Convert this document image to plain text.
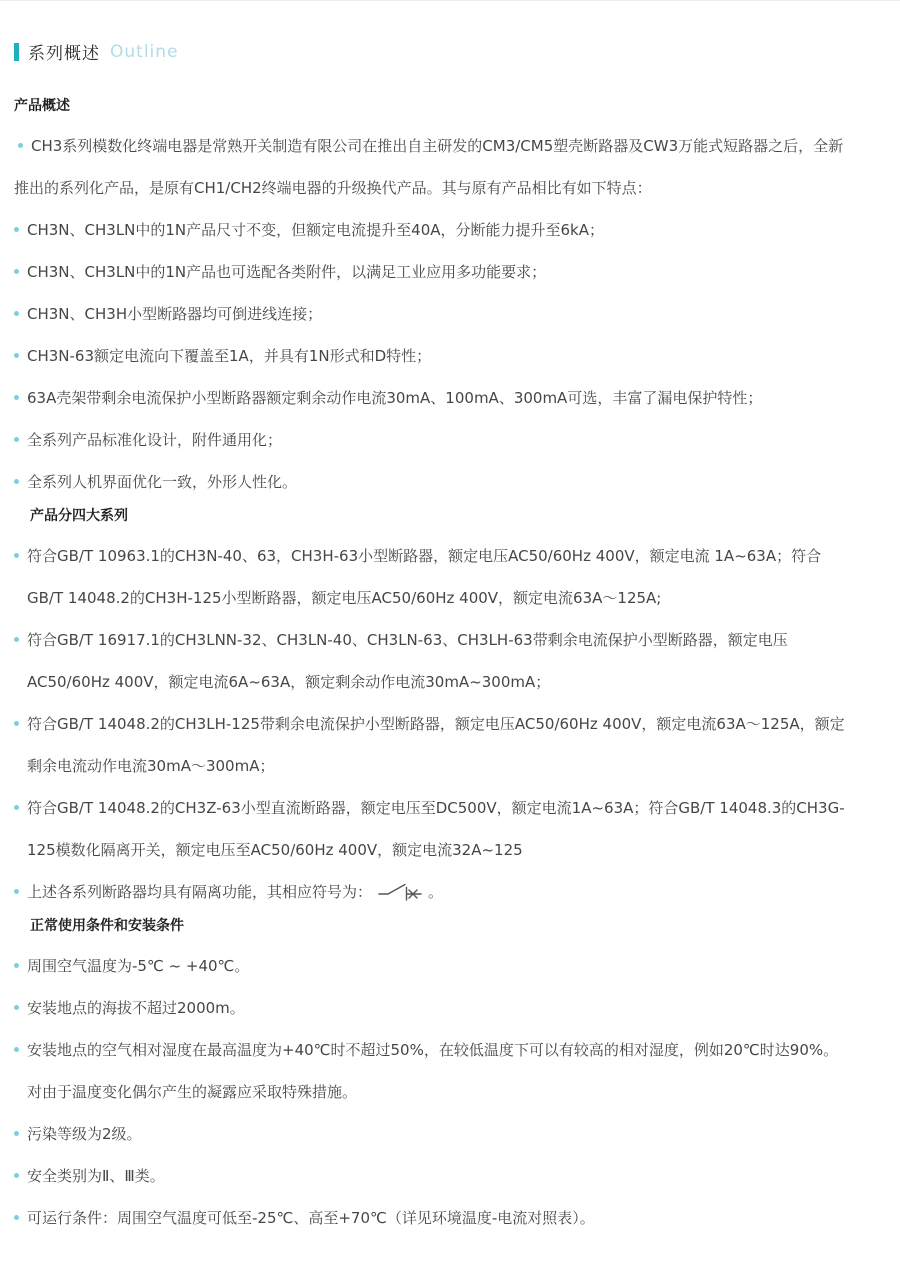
系列概述 Outline
产品概述
CH3系列模数化终端电器是常熟开关制造有限公司在推出自主研发的CM3/CM5塑壳断路器及CW3万能式短路器之后，全新推出的系列化产品，是原有CH1/CH2终端电器的升级换代产品。其与原有产品相比有如下特点：
CH3N、CH3LN中的1N产品尺寸不变，但额定电流提升至40A，分断能力提升至6kA；
CH3N、CH3LN中的1N产品也可选配各类附件，以满足工业应用多功能要求；
CH3N、CH3H小型断路器均可倒进线连接；
CH3N-63额定电流向下覆盖至1A，并具有1N形式和D特性；
63A壳架带剩余电流保护小型断路器额定剩余动作电流30mA、100mA、300mA可选，丰富了漏电保护特性；
全系列产品标准化设计，附件通用化；
全系列人机界面优化一致，外形人性化。
产品分四大系列
符合GB/T 10963.1的CH3N-40、63，CH3H-63小型断路器，额定电压AC50/60Hz 400V，额定电流 1A~63A；符合GB/T 14048.2的CH3H-125小型断路器，额定电压AC50/60Hz 400V，额定电流63A～125A;
符合GB/T 16917.1的CH3LNN-32、CH3LN-40、CH3LN-63、CH3LH-63带剩余电流保护小型断路器，额定电压AC50/60Hz 400V，额定电流6A~63A，额定剩余动作电流30mA~300mA；
符合GB/T 14048.2的CH3LH-125带剩余电流保护小型断路器，额定电压AC50/60Hz 400V，额定电流63A～125A，额定剩余电流动作电流30mA～300mA；
符合GB/T 14048.2的CH3Z-63小型直流断路器，额定电压至DC500V，额定电流1A~63A；符合GB/T 14048.3的CH3G-125模数化隔离开关，额定电压至AC50/60Hz 400V，额定电流32A~125
上述各系列断路器均具有隔离功能，其相应符号为：	。
正常使用条件和安装条件
周围空气温度为-5℃ ~ +40℃。
安装地点的海拔不超过2000m。
安装地点的空气相对湿度在最高温度为+40℃时不超过50%，在较低温度下可以有较高的相对湿度，例如20℃时达90%。对由于温度变化偶尔产生的凝露应采取特殊措施。
污染等级为2级。
安全类别为Ⅱ、Ⅲ类。
可运行条件：周围空气温度可低至-25℃、高至+70℃（详见环境温度-电流对照表）。
